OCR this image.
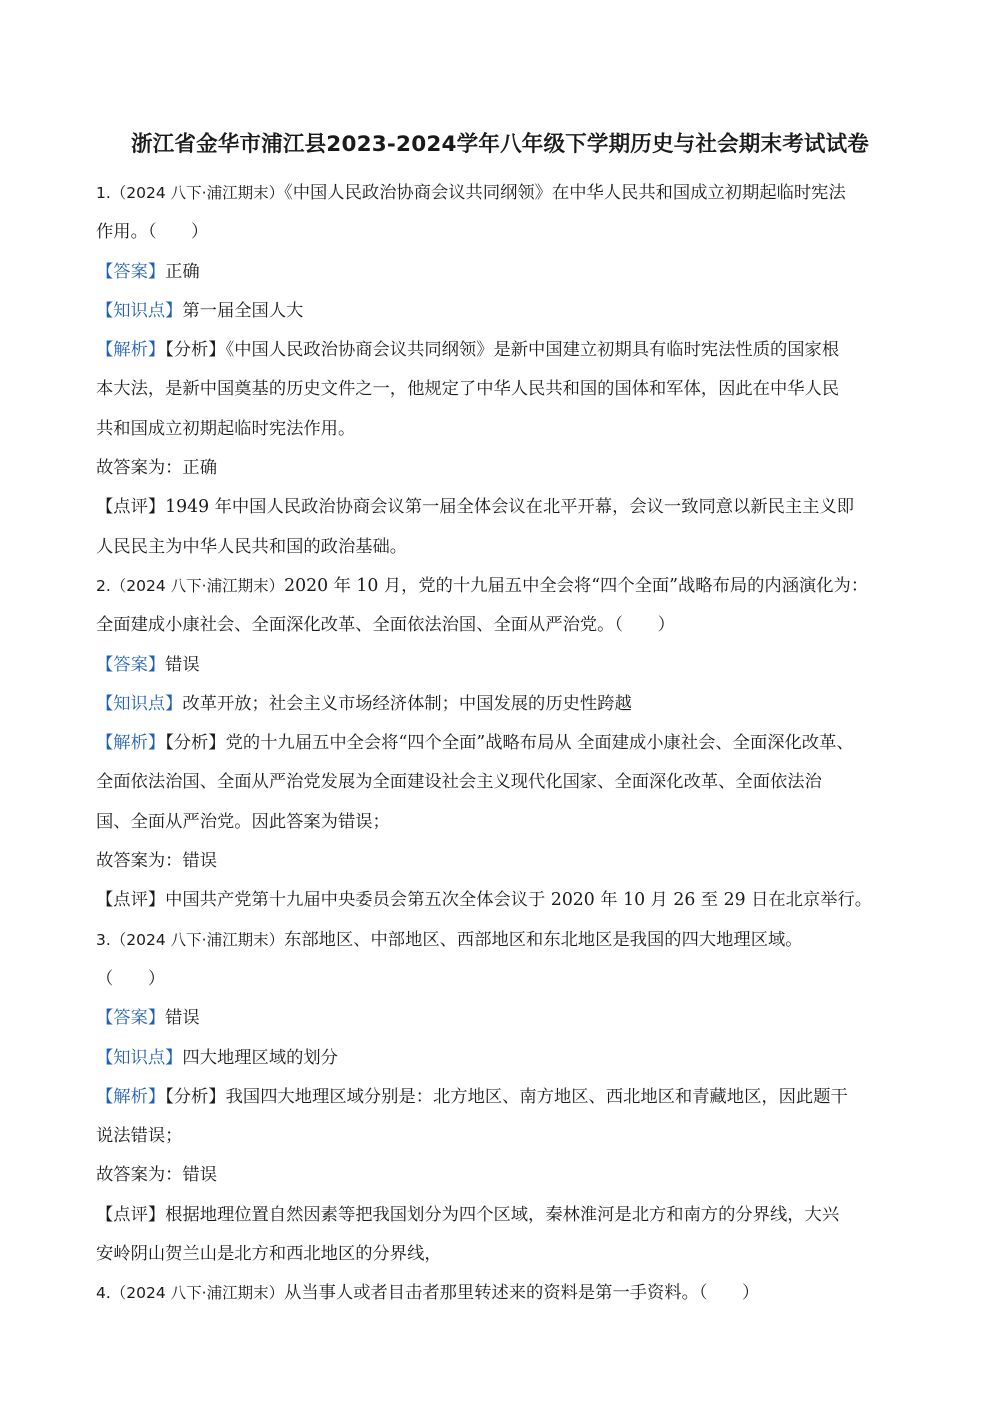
浙江省金华市浦江县2023-2024学年八年级下学期历史与社会期末考试试卷
1.（2024 八下·浦江期末）《中国人民政治协商会议共同纲领》在中华人民共和国成立初期起临时宪法
作用。（　　）
【答案】正确
【知识点】第一届全国人大
【解析】【分析】《中国人民政治协商会议共同纲领》是新中国建立初期具有临时宪法性质的国家根
本大法，是新中国奠基的历史文件之一，他规定了中华人民共和国的国体和军体，因此在中华人民
共和国成立初期起临时宪法作用。
故答案为：正确
【点评】1949 年中国人民政治协商会议第一届全体会议在北平开幕，会议一致同意以新民主主义即
人民民主为中华人民共和国的政治基础。
2.（2024 八下·浦江期末）2020 年 10 月，党的十九届五中全会将“四个全面”战略布局的内涵演化为：
全面建成小康社会、全面深化改革、全面依法治国、全面从严治党。（　　）
【答案】错误
【知识点】改革开放；社会主义市场经济体制；中国发展的历史性跨越
【解析】【分析】党的十九届五中全会将“四个全面”战略布局从 全面建成小康社会、全面深化改革、
全面依法治国、全面从严治党发展为全面建设社会主义现代化国家、全面深化改革、全面依法治
国、全面从严治党。因此答案为错误；
故答案为：错误
【点评】中国共产党第十九届中央委员会第五次全体会议于 2020 年 10 月 26 至 29 日在北京举行。
3.（2024 八下·浦江期末）东部地区、中部地区、西部地区和东北地区是我国的四大地理区域。
（　　）
【答案】错误
【知识点】四大地理区域的划分
【解析】【分析】我国四大地理区域分别是：北方地区、南方地区、西北地区和青藏地区，因此题干
说法错误；
故答案为：错误
【点评】根据地理位置自然因素等把我国划分为四个区域，秦林淮河是北方和南方的分界线，大兴
安岭阴山贺兰山是北方和西北地区的分界线，
4.（2024 八下·浦江期末）从当事人或者目击者那里转述来的资料是第一手资料。（　　）
